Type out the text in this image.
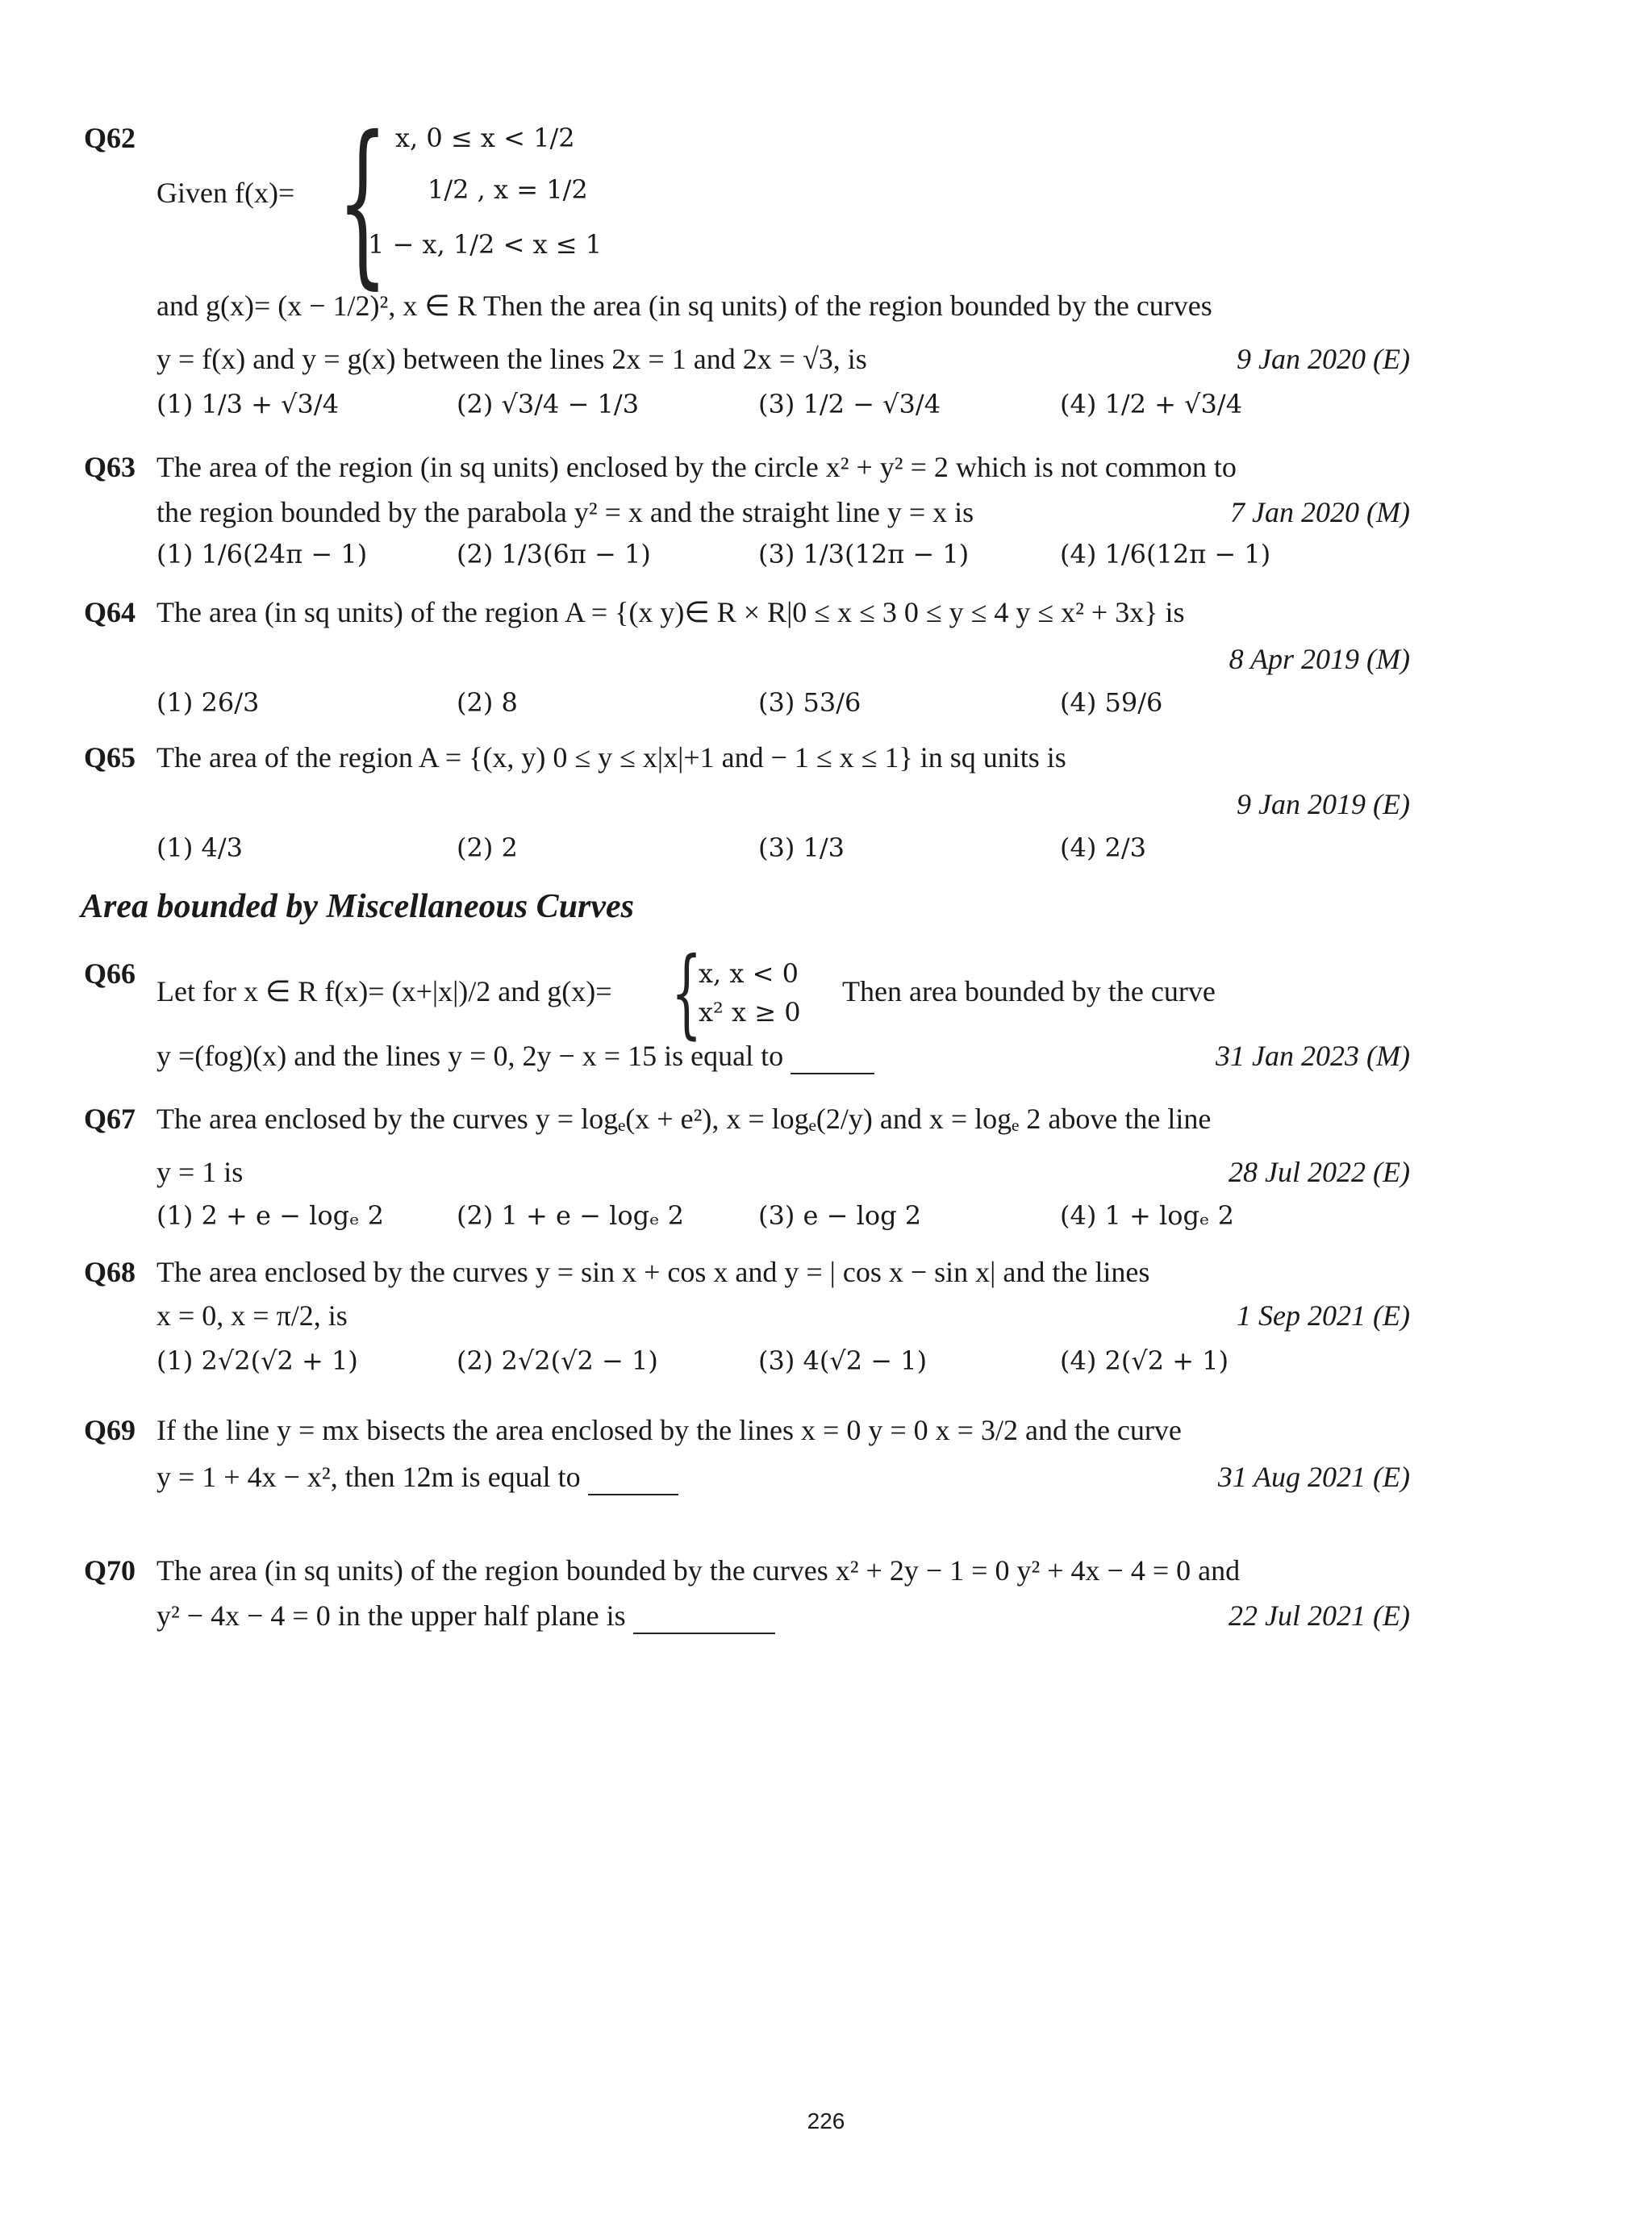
Q62
Given f(x)= { x, 0 ≤ x < 1/2
1/2 , x = 1/2
1 − x, 1/2 < x ≤ 1
and g(x)= (x − 1/2)², x ∈ R Then the area (in sq units) of the region bounded by the curves
y = f(x) and y = g(x) between the lines 2x = 1 and 2x = √3, is	9 Jan 2020 (E)
(1) 1/3 + √3/4	(2) √3/4 − 1/3	(3) 1/2 − √3/4	(4) 1/2 + √3/4
Q63 The area of the region (in sq units) enclosed by the circle x² + y² = 2 which is not common to
the region bounded by the parabola y² = x and the straight line y = x is	7 Jan 2020 (M)
(1) 1/6(24π − 1)	(2) 1/3(6π − 1)	(3) 1/3(12π − 1)	(4) 1/6(12π − 1)
Q64 The area (in sq units) of the region A = {(x y)∈ R × R|0 ≤ x ≤ 3 0 ≤ y ≤ 4 y ≤ x² + 3x} is
8 Apr 2019 (M)
(1) 26/3	(2) 8	(3) 53/6	(4) 59/6
Q65 The area of the region A = {(x, y) 0 ≤ y ≤ x|x|+1 and − 1 ≤ x ≤ 1} in sq units is
9 Jan 2019 (E)
(1) 4/3	(2) 2	(3) 1/3	(4) 2/3
Area bounded by Miscellaneous Curves
Q66
Let for x ∈ R f(x)= (x+|x|)/2 and g(x)= {
x, x < 0
x² x ≥ 0
Then area bounded by the curve
y =(fog)(x) and the lines y = 0, 2y − x = 15 is equal to	31 Jan 2023 (M)
Q67 The area enclosed by the curves y = logₑ(x + e²), x = logₑ(2/y) and x = logₑ 2 above the line
y = 1 is	28 Jul 2022 (E)
(1) 2 + e − logₑ 2	(2) 1 + e − logₑ 2	(3) e − log 2	(4) 1 + logₑ 2
Q68 The area enclosed by the curves y = sin x + cos x and y = | cos x − sin x| and the lines
x = 0, x = π/2, is	1 Sep 2021 (E)
(1) 2√2(√2 + 1)	(2) 2√2(√2 − 1)	(3) 4(√2 − 1)	(4) 2(√2 + 1)
Q69 If the line y = mx bisects the area enclosed by the lines x = 0 y = 0 x = 3/2 and the curve
y = 1 + 4x − x², then 12m is equal to	31 Aug 2021 (E)
Q70 The area (in sq units) of the region bounded by the curves x² + 2y − 1 = 0 y² + 4x − 4 = 0 and
y² − 4x − 4 = 0 in the upper half plane is	22 Jul 2021 (E)
226
